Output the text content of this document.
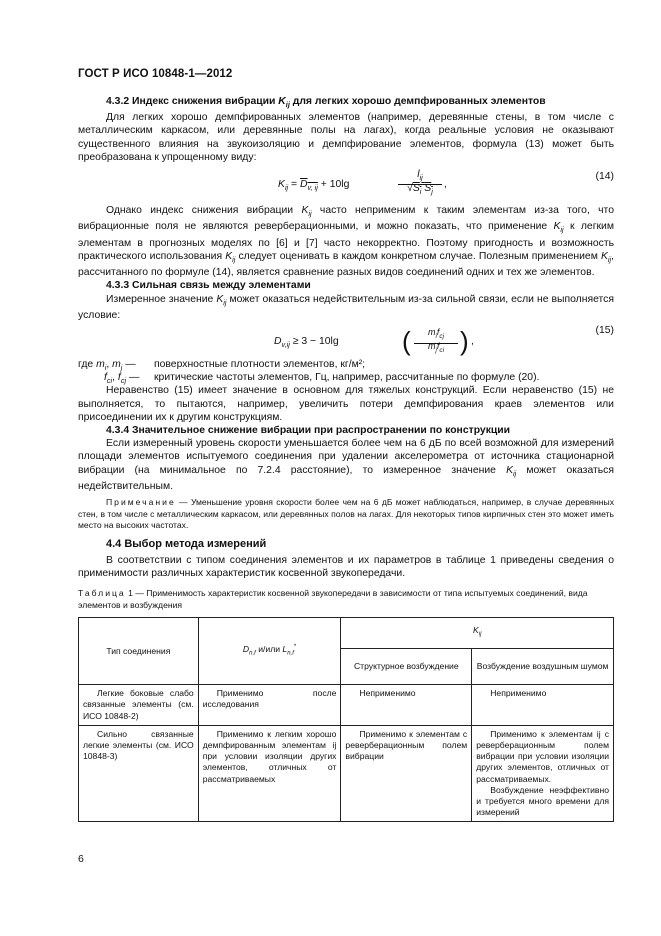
ГОСТ Р ИСО 10848-1—2012

4.3.2 Индекс снижения вибрации $K_{ij}$ для легких хорошо демпфированных элементов

Для легких хорошо демпфированных элементов (например, деревянные стены, в том числе с металлическим каркасом, или деревянные полы на лагах), когда реальные условия не оказывают существенного влияния на звукоизоляцию и демпфирование элементов, формула (13) может быть преобразована к упрощенному виду:

$K_{ij} = D_{v, ij} + 10\lg$
$l_{ij}$
$√S_i$ $S_j$
,
(14)

Однако индекс снижения вибрации $K_{ij}$ часто неприменим к таким элементам из-за того, что вибрационные поля не являются реверберационными, и можно показать, что применение $K_{ij}$ к легким элементам в прогнозных моделях по [6] и [7] часто некорректно. Поэтому пригодность и возможность практического использования $K_{ij}$ следует оценивать в каждом конкретном случае. Полезным применением $K_{ij}$, рассчитанного по формуле (14), является сравнение разных видов соединений одних и тех же элементов.

4.3.3 Сильная связь между элементами

Измеренное значение $K_{ij}$ может оказаться недействительным из-за сильной связи, если не выполняется условие:

$D_{v,ij} \ge 3 - 10\lg$ (	$m_if_{cj}$
$m_jf_{ci}$ ) ,
(15)
где $m_i$, $m_j$ — поверхностные плотности элементов, кг/м²;
$f_{ci}$, $f_{cj}$ — критические частоты элементов, Гц, например, рассчитанные по формуле (20).

Неравенство (15) имеет значение в основном для тяжелых конструкций. Если неравенство (15) не выполняется, то пытаются, например, увеличить потери демпфирования краев элементов или присоединении их к другим конструкциям.

4.3.4 Значительное снижение вибрации при распространении по конструкции

Если измеренный уровень скорости уменьшается более чем на 6 дБ по всей возможной для измерений площади элементов испытуемого соединения при удалении акселерометра от источника стационарной вибрации (на минимальное по 7.2.4 расстояние), то измеренное значение $K_{ij}$ может оказаться недействительным.

Примечание — Уменьшение уровня скорости более чем на 6 дБ может наблюдаться, например, в случае деревянных стен, в том числе с металлическим каркасом, или деревянных полов на лагах. Для некоторых типов кирпичных стен это может иметь место на высоких частотах.

4.4 Выбор метода измерений

В соответствии с типом соединения элементов и их параметров в таблице 1 приведены сведения о применимости различных характеристик косвенной звукопередачи.

Таблица 1 — Применимость характеристик косвенной звукопередачи в зависимости от типа испытуемых соединений, вида элементов и возбуждения

Тип соединения	$D_{n,f}$ и/или $L_{n,f}^*$	$K_{ij}$
		Структурное возбуждение	Возбуждение воздушным шумом
Легкие боковые слабо связанные элементы (см. ИСО 10848-2)	Применимо после исследования	Неприменимо	Неприменимо
Сильно связанные легкие элементы (см. ИСО 10848-3)	Применимо к легким хорошо демпфированным элементам ij при условии изоляции других элементов, отличных от рассматриваемых	Применимо к элементам с реверберационным полем вибрации	Применимо к элементам ij с реверберационным полем вибрации при условии изоляции других элементов, отличных от рассматриваемых.
Возбуждение неэффективно и требуется много времени для измерений
6
